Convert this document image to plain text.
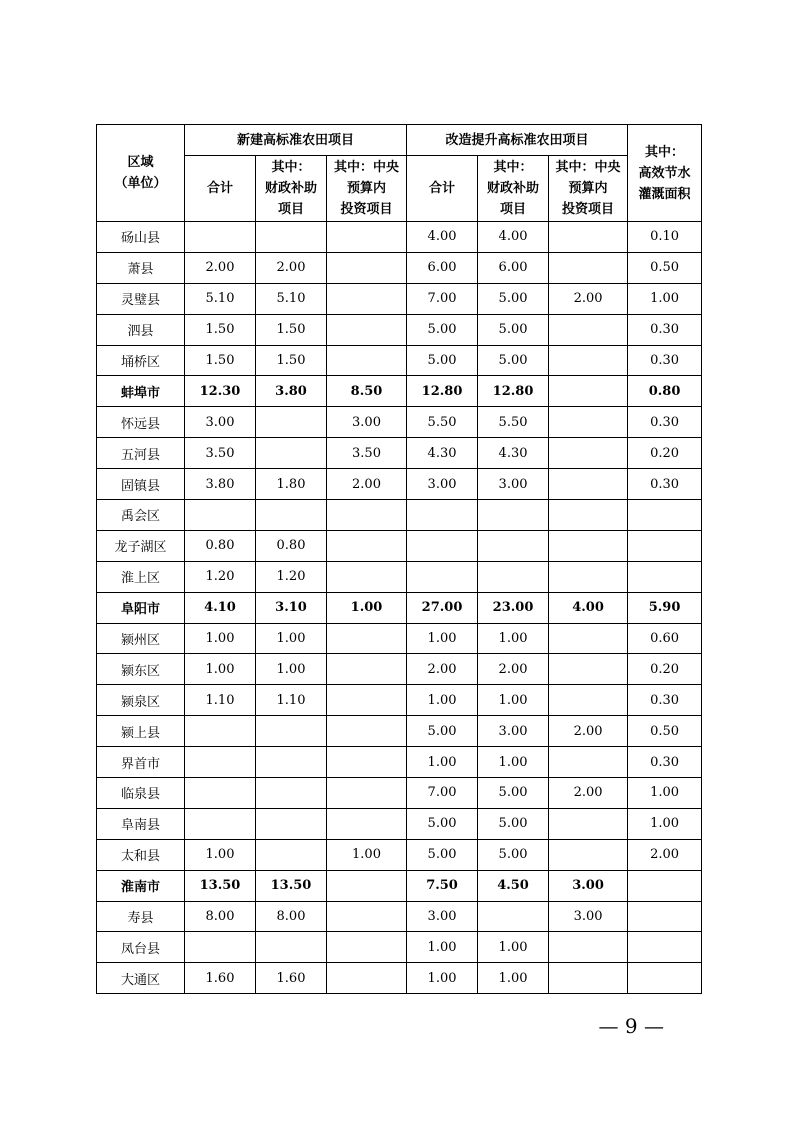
区域
（单位）	新建高标准农田项目			改造提升高标准农田项目			其中：
高效节水
灌溉面积
	合计	其中：
财政补助
项目	其中：中央
预算内
投资项目	合计	其中：
财政补助
项目	其中：中央
预算内
投资项目	
砀山县				4.00	4.00		0.10
萧县	2.00	2.00		6.00	6.00		0.50
灵璧县	5.10	5.10		7.00	5.00	2.00	1.00
泗县	1.50	1.50		5.00	5.00		0.30
埇桥区	1.50	1.50		5.00	5.00		0.30
蚌埠市	12.30	3.80	8.50	12.80	12.80		0.80
怀远县	3.00		3.00	5.50	5.50		0.30
五河县	3.50		3.50	4.30	4.30		0.20
固镇县	3.80	1.80	2.00	3.00	3.00		0.30
禹会区							
龙子湖区	0.80	0.80					
淮上区	1.20	1.20					
阜阳市	4.10	3.10	1.00	27.00	23.00	4.00	5.90
颍州区	1.00	1.00		1.00	1.00		0.60
颍东区	1.00	1.00		2.00	2.00		0.20
颍泉区	1.10	1.10		1.00	1.00		0.30
颍上县				5.00	3.00	2.00	0.50
界首市				1.00	1.00		0.30
临泉县				7.00	5.00	2.00	1.00
阜南县				5.00	5.00		1.00
太和县	1.00		1.00	5.00	5.00		2.00
淮南市	13.50	13.50		7.50	4.50	3.00	
寿县	8.00	8.00		3.00		3.00	
凤台县				1.00	1.00		
大通区	1.60	1.60		1.00	1.00		
— 9 —
